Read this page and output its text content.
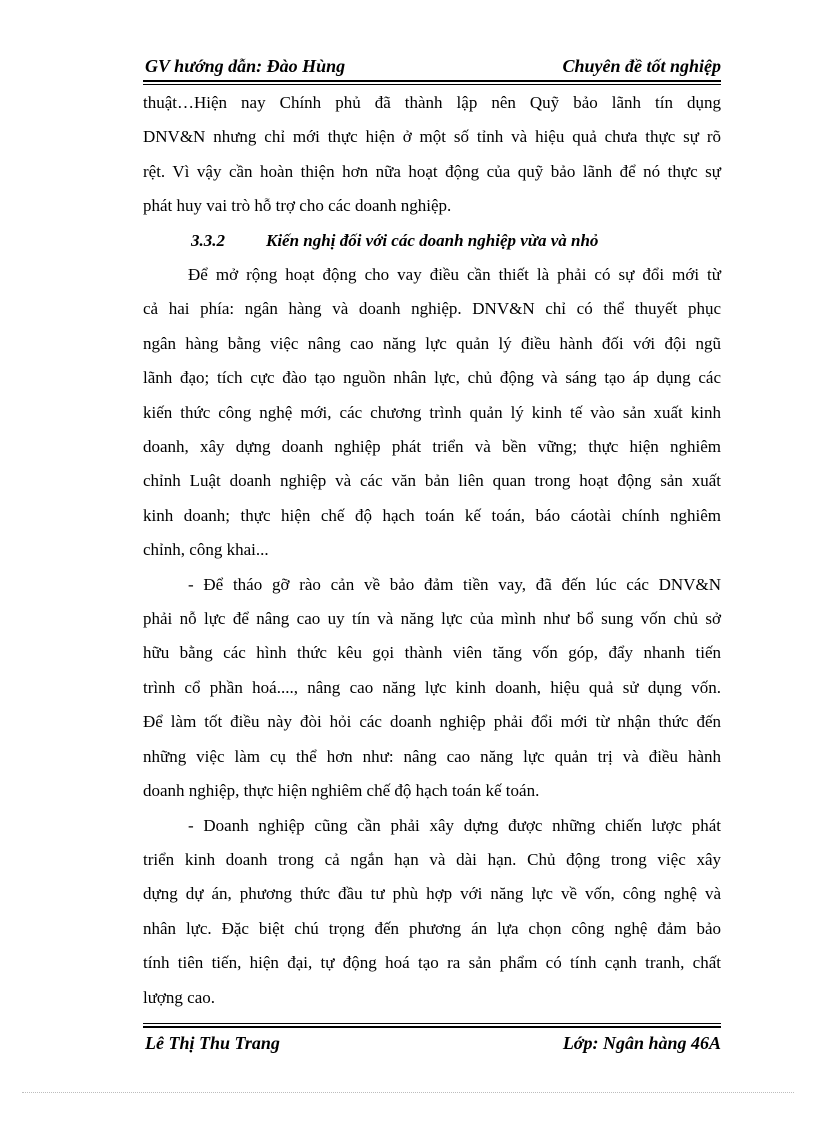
GV hướng dẫn: Đào Hùng	Chuyên đề tốt nghiệp

thuật…Hiện nay Chính phủ đã thành lập nên Quỹ bảo lãnh tín dụng

DNV&N nhưng chỉ mới thực hiện ở một số tỉnh và hiệu quả chưa thực sự rõ

rệt. Vì vậy cần hoàn thiện hơn nữa hoạt động của quỹ bảo lãnh để nó thực sự

phát huy vai trò hỗ trợ cho các doanh nghiệp.

3.3.2 Kiến nghị đối với các doanh nghiệp vừa và nhỏ

Để mở rộng hoạt động cho vay điều cần thiết là phải có sự đổi mới từ

cả hai phía: ngân hàng và doanh nghiệp. DNV&N chỉ có thể thuyết phục

ngân hàng bằng việc nâng cao năng lực quản lý điều hành đối với đội ngũ

lãnh đạo; tích cực đào tạo nguồn nhân lực, chủ động và sáng tạo áp dụng các

kiến thức công nghệ mới, các chương trình quản lý kinh tế vào sản xuất kinh

doanh, xây dựng doanh nghiệp phát triển và bền vững; thực hiện nghiêm

chỉnh Luật doanh nghiệp và các văn bản liên quan trong hoạt động sản xuất

kinh doanh; thực hiện chế độ hạch toán kế toán, báo cáotài chính nghiêm

chỉnh, công khai...

- Để tháo gỡ rào cản về bảo đảm tiền vay, đã đến lúc các DNV&N

phải nỗ lực để nâng cao uy tín và năng lực của mình như bổ sung vốn chủ sở

hữu bằng các hình thức kêu gọi thành viên tăng vốn góp, đẩy nhanh tiến

trình cổ phần hoá...., nâng cao năng lực kinh doanh, hiệu quả sử dụng vốn.

Để làm tốt điều này đòi hỏi các doanh nghiệp phải đổi mới từ nhận thức đến

những việc làm cụ thể hơn như: nâng cao năng lực quản trị và điều hành

doanh nghiệp, thực hiện nghiêm chế độ hạch toán kế toán.

- Doanh nghiệp cũng cần phải xây dựng được những chiến lược phát

triển kinh doanh trong cả ngắn hạn và dài hạn. Chủ động trong việc xây

dựng dự án, phương thức đầu tư phù hợp với năng lực về vốn, công nghệ và

nhân lực. Đặc biệt chú trọng đến phương án lựa chọn công nghệ đảm bảo

tính tiên tiến, hiện đại, tự động hoá tạo ra sản phẩm có tính cạnh tranh, chất

lượng cao.

Lê Thị Thu Trang	Lớp: Ngân hàng 46A
